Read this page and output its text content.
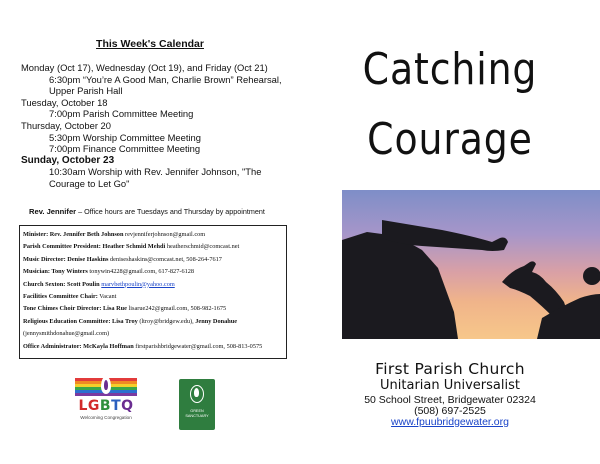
This Week's Calendar
Monday (Oct 17), Wednesday (Oct 19), and Friday (Oct 21)
6:30pm “You’re A Good Man, Charlie Brown” Rehearsal,
Upper Parish Hall
Tuesday, October 18
7:00pm Parish Committee Meeting
Thursday, October 20
5:30pm Worship Committee Meeting
7:00pm Finance Committee Meeting
Sunday, October 23
10:30am Worship with Rev. Jennifer Johnson, "The
Courage to Let Go"
Rev. Jennifer – Office hours are Tuesdays and Thursday by appointment
Minister: Rev. Jennifer Beth Johnson revjenniferjohnson@gmail.com
Parish Committee President: Heather Schmid Mehdi heatherschmid@comcast.net
Music Director: Denise Haskins deniseshaskins@comcast.net, 508-264-7617
Musician: Tony Winters tonywin4228@gmail.com, 617-827-6128
Church Sexton: Scott Poulin marvbethpoulin@yahoo.com
Facilities Committee Chair: Vacant
Tone Chimes Choir Director: Lisa Rue lisarue242@gmail.com, 508-982-1675
Religious Education Committee: Lisa Troy (ltroy@bridgew.edu), Jenny Donahue (jennysmithdonahue@gmail.com)
Office Administrator: McKayla Hoffman firstparishbridgewater@gmail.com, 508-813-0575
LGBTQ
Welcoming Congregation
GREEN
SANCTUARY
Catching
Courage
First Parish Church
Unitarian Universalist
50 School Street, Bridgewater 02324
(508) 697-2525
www.fpuubridgewater.org
